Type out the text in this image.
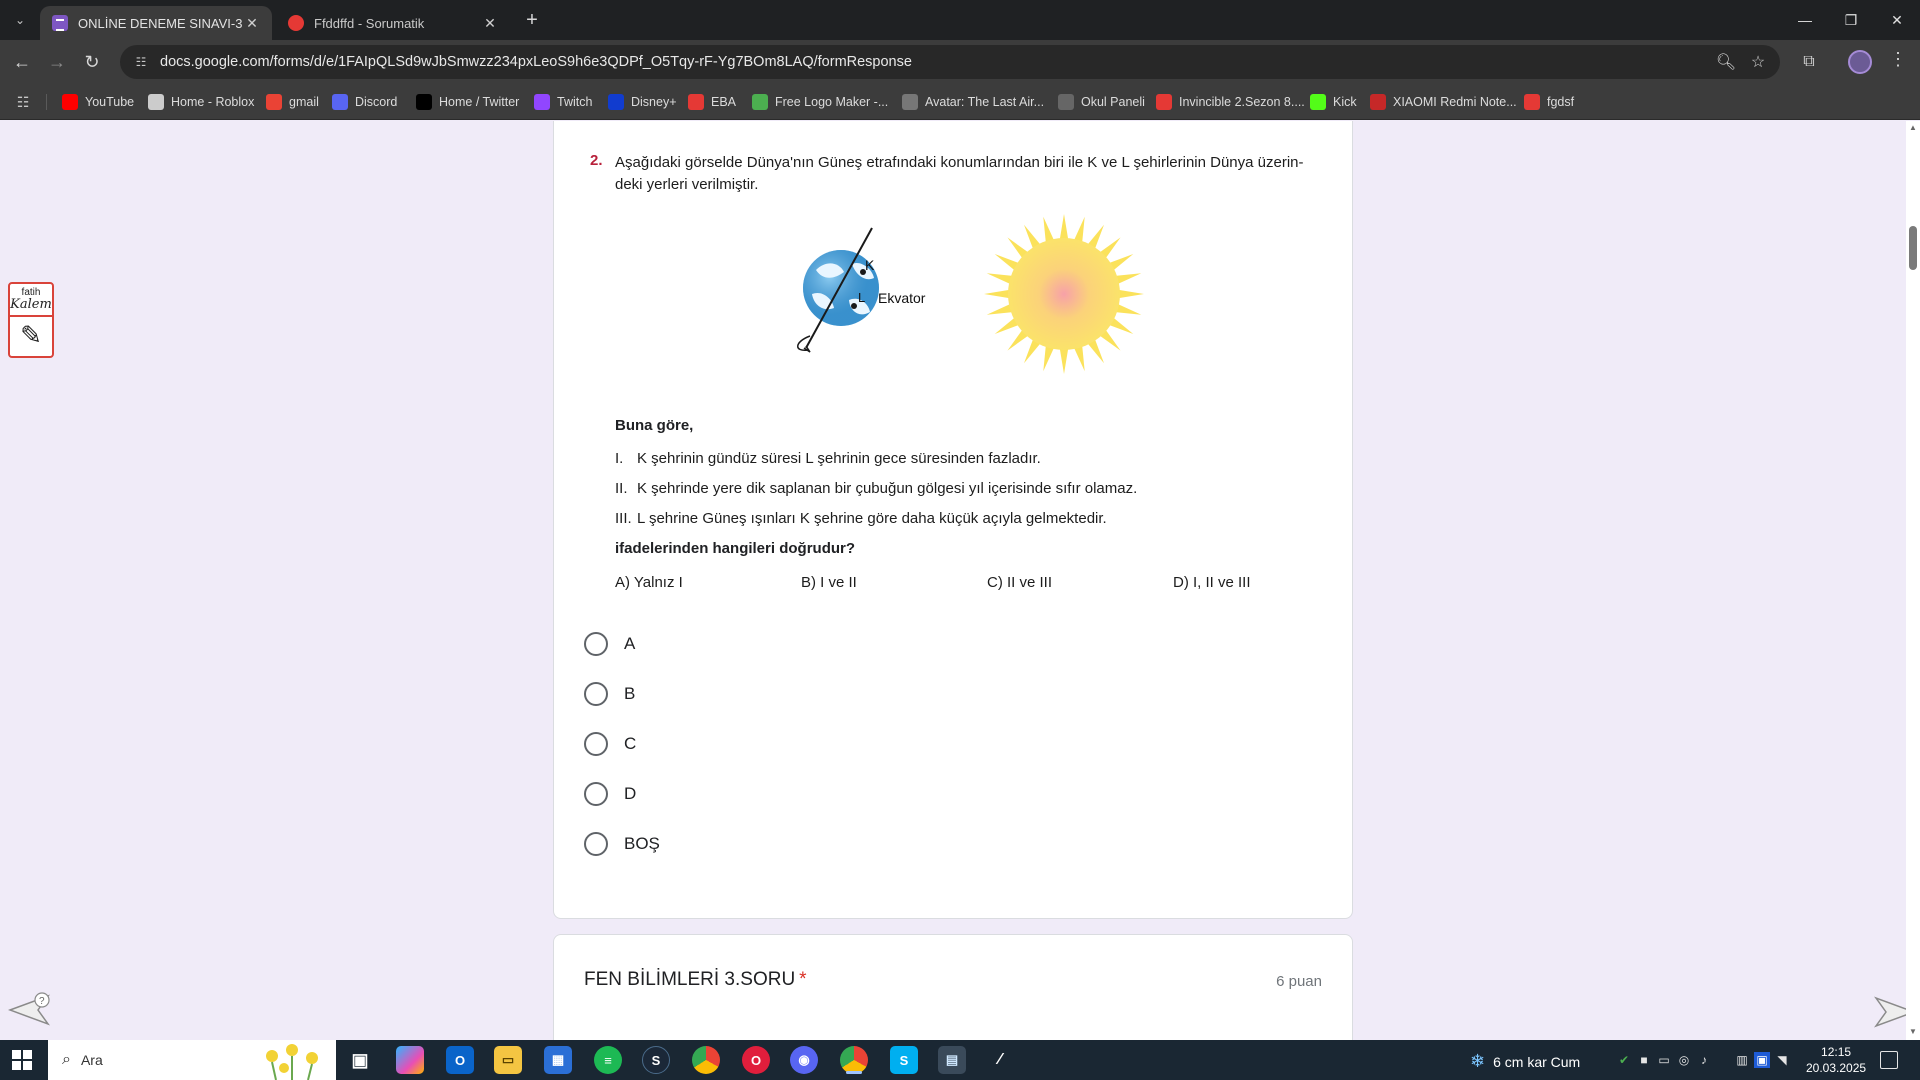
⌄	ONLİNE DENEME SINAVI-3 ✕	Ffddffd - Sorumatik	✕	+	—	❐	✕
← → ↻	☷ docs.google.com/forms/d/e/1FAIpQLSd9wJbSmwzz234pxLeoS9h6e3QDPf_O5Tqy-rF-Yg7BOm8LAQ/formResponse	🔍︎ ☆	⧉	⋮
☷	YouTube	Home - Roblox	gmail	Discord	Home / Twitter	Twitch	Disney+	EBA	Free Logo Maker -...	Avatar: The Last Air...	Okul Paneli	Invincible 2.Sezon 8.... Kick	XIAOMI Redmi Note... fgdsf
2. Aşağıdaki görselde Dünya'nın Güneş etrafındaki konumlarından biri ile K ve L şehirlerinin Dünya üzerin-deki yerleri verilmiştir.
K
L Ekvator
Buna göre,
I. K şehrinin gündüz süresi L şehrinin gece süresinden fazladır.
II. K şehrinde yere dik saplanan bir çubuğun gölgesi yıl içerisinde sıfır olamaz.
III. L şehrine Güneş ışınları K şehrine göre daha küçük açıyla gelmektedir.
ifadelerinden hangileri doğrudur?
A) Yalnız I	B) I ve II	C) II ve III	D) I, II ve III
A
B
C
D
BOŞ
FEN BİLİMLERİ 3.SORU *	6 puan
fatih
Kalem
✎
?
▲
▼
⌕ Ara	▣	O	▭	▦	≡	S	O	◉	S	▤	∕	❄ 6 cm kar Cum	✔ ■ ▭ ◎ ♪	▥ ▣ ◥
12:15
20.03.2025
